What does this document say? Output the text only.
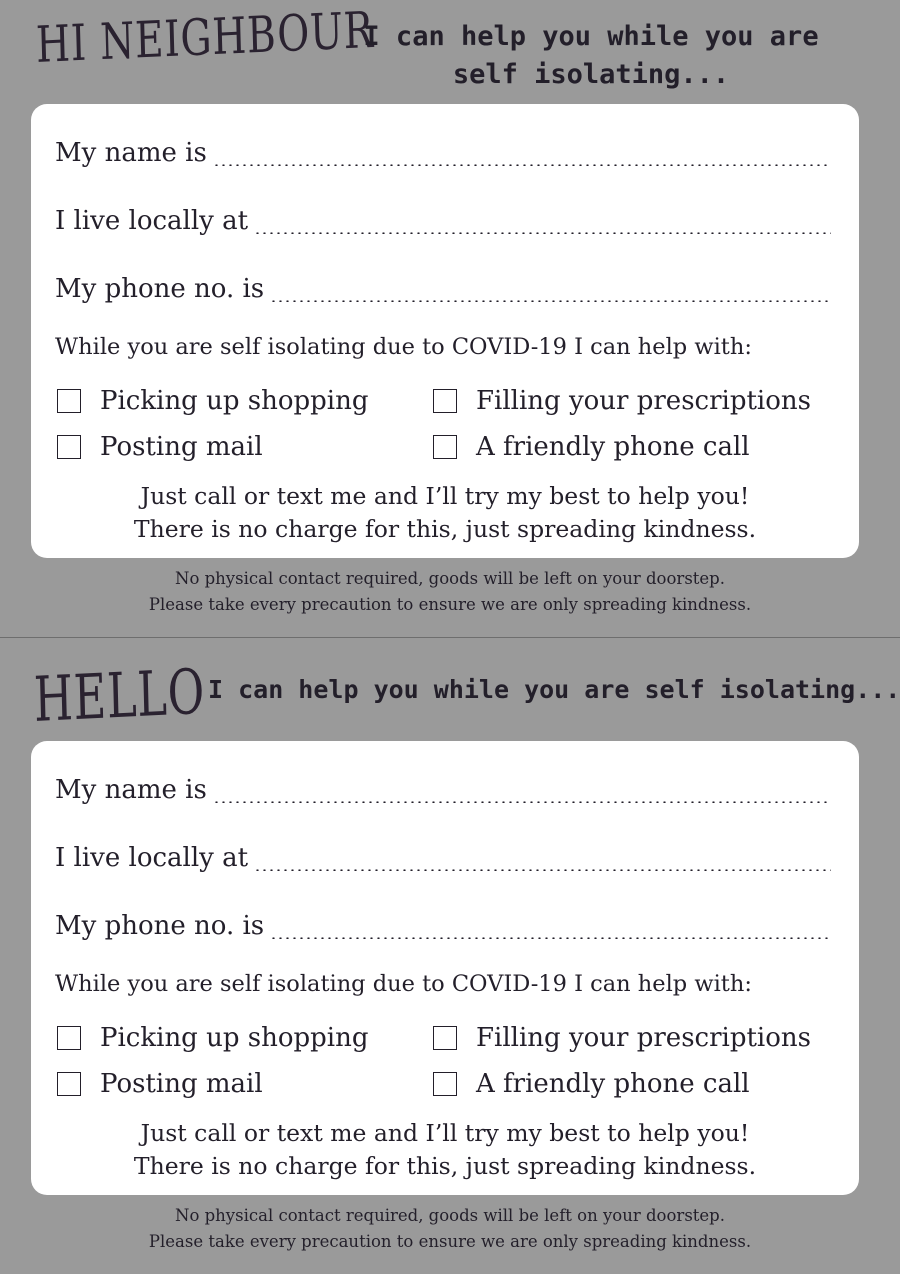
HI NEIGHBOUR
I can help you while you are
self isolating...
My name is
I live locally at
My phone no. is
While you are self isolating due to COVID-19 I can help with:
Picking up shopping	Filling your prescriptions
Posting mail	A friendly phone call
Just call or text me and I’ll try my best to help you!
There is no charge for this, just spreading kindness.
No physical contact required, goods will be left on your doorstep.
Please take every precaution to ensure we are only spreading kindness.
HELLO I can help you while you are self isolating...
My name is
I live locally at
My phone no. is
While you are self isolating due to COVID-19 I can help with:
Picking up shopping	Filling your prescriptions
Posting mail	A friendly phone call
Just call or text me and I’ll try my best to help you!
There is no charge for this, just spreading kindness.
No physical contact required, goods will be left on your doorstep.
Please take every precaution to ensure we are only spreading kindness.
